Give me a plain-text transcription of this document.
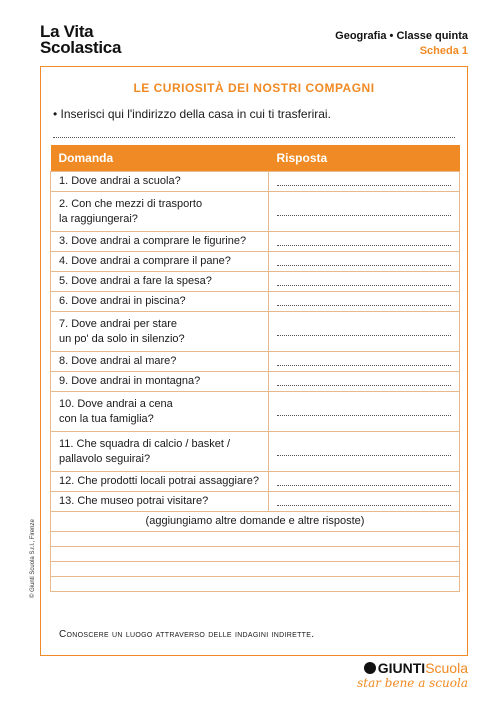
La Vita
Scolastica
Geografia • Classe quinta
Scheda 1
LE CURIOSITÀ DEI NOSTRI COMPAGNI
• Inserisci qui l'indirizzo della casa in cui ti trasferirai.
Domanda	Risposta
1. Dove andrai a scuola?	

2. Con che mezzi di trasporto
la raggiungerai?	

3. Dove andrai a comprare le figurine?	

4. Dove andrai a comprare il pane?	

5. Dove andrai a fare la spesa?	

6. Dove andrai in piscina?	

7. Dove andrai per stare
un po' da solo in silenzio?	

8. Dove andrai al mare?	

9. Dove andrai in montagna?	

10. Dove andrai a cena
con la tua famiglia?	

11. Che squadra di calcio / basket /
pallavolo seguirai?	

12. Che prodotti locali potrai assaggiare?	

13. Che museo potrai visitare?	

(aggiungiamo altre domande e altre risposte)	

Conoscere un luogo attraverso delle indagini indirette.
© Giunti Scuola S.r.l., Firenze
GIUNTIScuola
star bene a scuola
